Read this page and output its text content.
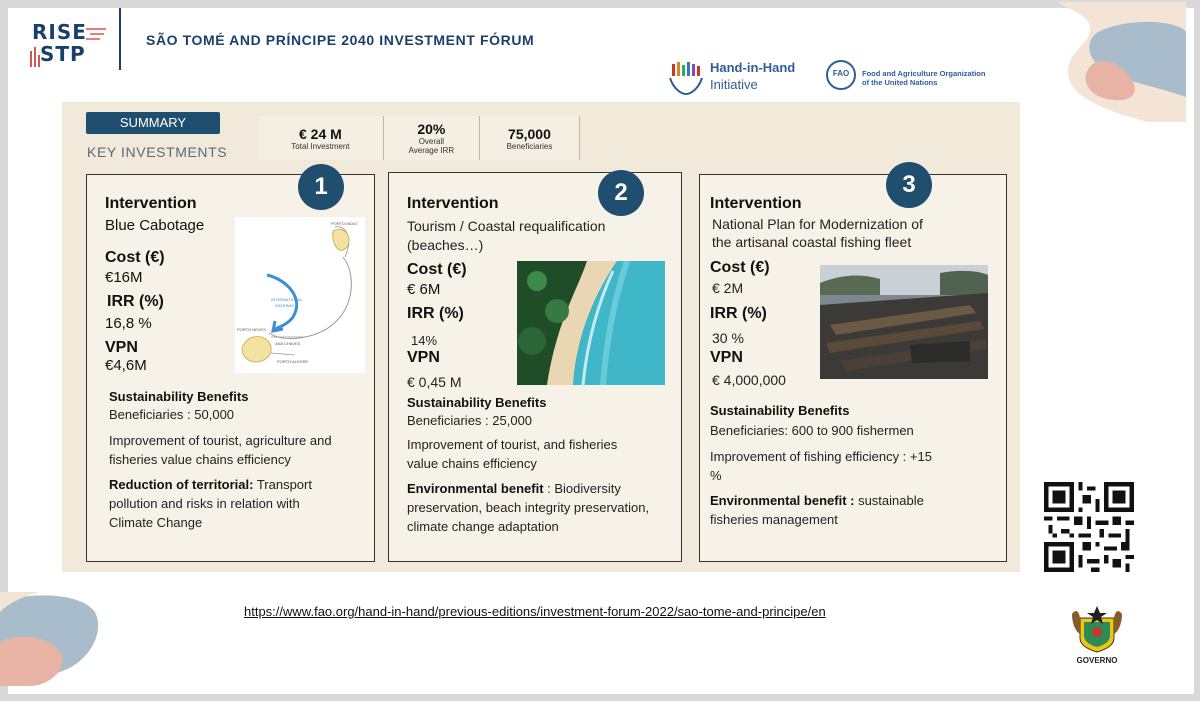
RISE
STP
SÃO TOMÉ AND PRÍNCIPE 2040 INVESTMENT FÓRUM
Hand-in-Hand
Initiative
FAO	Food and Agriculture Organization
of the United Nations
SUMMARY
KEY INVESTMENTS
€ 24 M
Total Investment
20%
Overall
Average IRR
75,000
Beneficiaries
Intervention
Blue Cabotage
Cost (€)
€16M
IRR (%)
16,8 %
VPN
€4,6M
PORTO INDIO
INTERNATIONAL
GATEWAY
PORTO NEVES
ANA CHAVES
PORTO ALEGRE
Sustainability Benefits
Beneficiaries : 50,000
Improvement of tourist, agriculture and
fisheries value chains efficiency
Reduction of territorial: Transport
pollution and risks in relation with
Climate Change
1
Intervention
Tourism / Coastal requalification
(beaches…)
Cost (€)
€ 6M
IRR (%)
14%
VPN
€ 0,45 M
Sustainability Benefits
Beneficiaries : 25,000
Improvement of tourist, and fisheries
value chains efficiency
Environmental benefit : Biodiversity
preservation, beach integrity preservation,
climate change adaptation
2	Intervention
National Plan for Modernization of
the artisanal coastal fishing fleet
Cost (€)
€ 2M
IRR (%)
30 %
VPN
€ 4,000,000
Sustainability Benefits
Beneficiaries: 600 to 900 fishermen
Improvement of fishing efficiency : +15
%
Environmental benefit : sustainable
fisheries management
3
https://www.fao.org/hand-in-hand/previous-editions/investment-forum-2022/sao-tome-and-principe/en
GOVERNO
